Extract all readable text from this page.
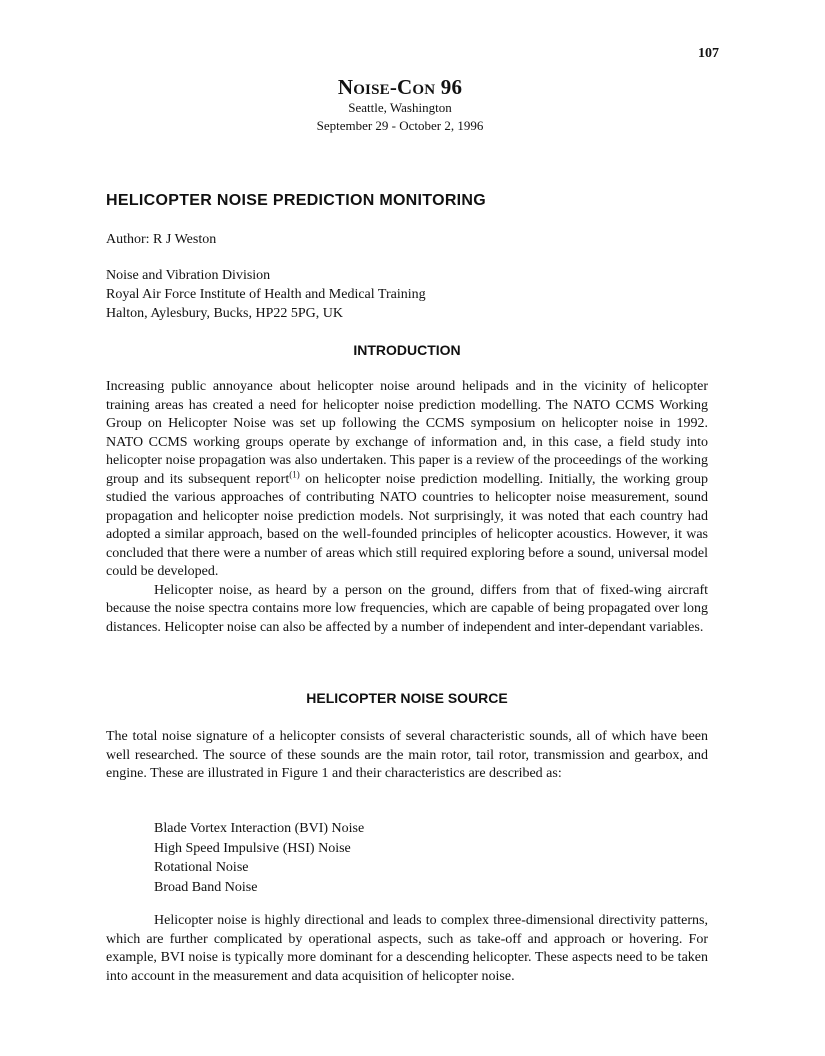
107
Noise-Con 96
Seattle, Washington
September 29 - October 2, 1996
HELICOPTER NOISE PREDICTION MONITORING
Author: R J Weston
Noise and Vibration Division
Royal Air Force Institute of Health and Medical Training
Halton, Aylesbury, Bucks, HP22 5PG, UK
INTRODUCTION

Increasing public annoyance about helicopter noise around helipads and in the vicinity of helicopter training areas has created a need for helicopter noise prediction modelling. The NATO CCMS Working Group on Helicopter Noise was set up following the CCMS symposium on helicopter noise in 1992. NATO CCMS working groups operate by exchange of information and, in this case, a field study into helicopter noise propagation was also undertaken. This paper is a review of the proceedings of the working group and its subsequent report$^{(1)}$ on helicopter noise prediction modelling. Initially, the working group studied the various approaches of contributing NATO countries to helicopter noise measurement, sound propagation and helicopter noise prediction models. Not surprisingly, it was noted that each country had adopted a similar approach, based on the well-founded principles of helicopter acoustics. However, it was concluded that there were a number of areas which still required exploring before a sound, universal model could be developed.

Helicopter noise, as heard by a person on the ground, differs from that of fixed-wing aircraft because the noise spectra contains more low frequencies, which are capable of being propagated over long distances. Helicopter noise can also be affected by a number of independent and inter-dependant variables.

HELICOPTER NOISE SOURCE
The total noise signature of a helicopter consists of several characteristic sounds, all of which have been well researched. The source of these sounds are the main rotor, tail rotor, transmission and gearbox, and engine. These are illustrated in Figure 1 and their characteristics are described as:
Blade Vortex Interaction (BVI) Noise
High Speed Impulsive (HSI) Noise
Rotational Noise
Broad Band Noise
Helicopter noise is highly directional and leads to complex three-dimensional directivity patterns, which are further complicated by operational aspects, such as take-off and approach or hovering. For example, BVI noise is typically more dominant for a descending helicopter. These aspects need to be taken into account in the measurement and data acquisition of helicopter noise.
